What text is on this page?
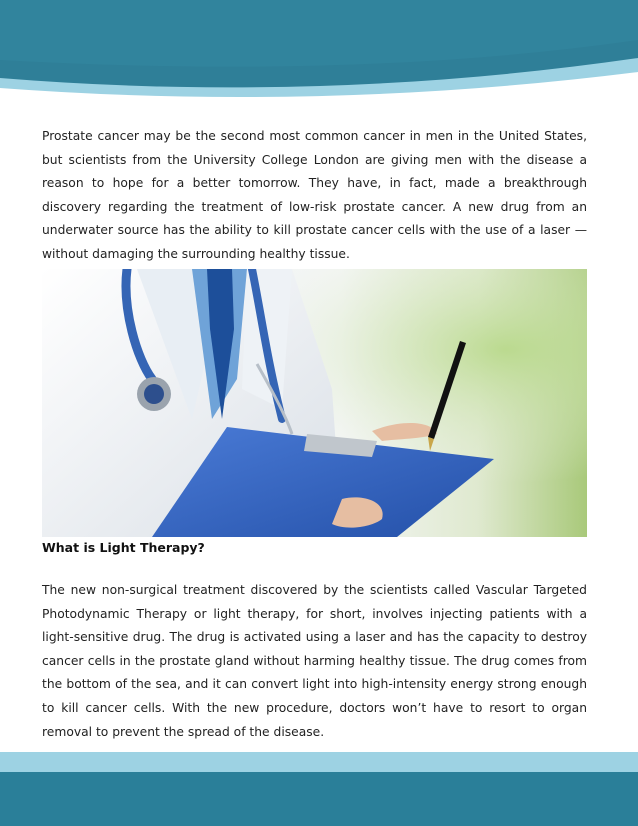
Prostate cancer may be the second most common cancer in men in the United States, but scientists from the University College London are giving men with the disease a reason to hope for a better tomorrow. They have, in fact, made a breakthrough discovery regarding the treatment of low-risk prostate cancer. A new drug from an underwater source has the ability to kill prostate cancer cells with the use of a laser — without damaging the surrounding healthy tissue.

What is Light Therapy?

The new non-surgical treatment discovered by the scientists called Vascular Targeted Photodynamic Therapy or light therapy, for short, involves injecting patients with a light-sensitive drug. The drug is activated using a laser and has the capacity to destroy cancer cells in the prostate gland without harming healthy tissue. The drug comes from the bottom of the sea, and it can convert light into high-intensity energy strong enough to kill cancer cells. With the new procedure, doctors won’t have to resort to organ removal to prevent the spread of the disease.
